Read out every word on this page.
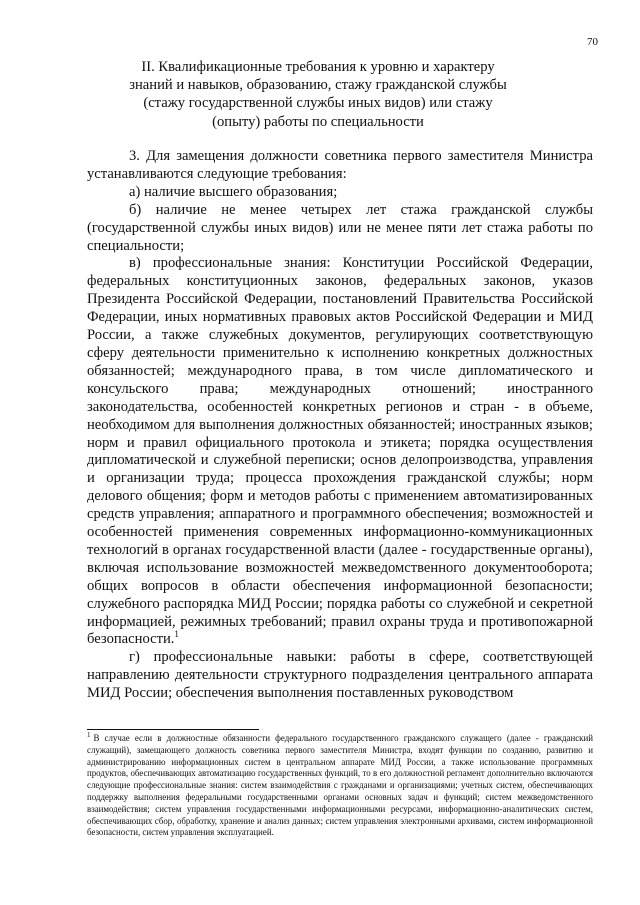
70
II. Квалификационные требования к уровню и характеру
знаний и навыков, образованию, стажу гражданской службы
(стажу государственной службы иных видов) или стажу
(опыту) работы по специальности

3. Для замещения должности советника первого заместителя Министра устанавливаются следующие требования:

а) наличие высшего образования;

б) наличие не менее четырех лет стажа гражданской службы (государственной службы иных видов) или не менее пяти лет стажа работы по специальности;

в) профессиональные знания: Конституции Российской Федерации, федеральных конституционных законов, федеральных законов, указов Президента Российской Федерации, постановлений Правительства Российской Федерации, иных нормативных правовых актов Российской Федерации и МИД России, а также служебных документов, регулирующих соответствующую сферу деятельности применительно к исполнению конкретных должностных обязанностей; международного права, в том числе дипломатического и консульского права; международных отношений; иностранного законодательства, особенностей конкретных регионов и стран - в объеме, необходимом для выполнения должностных обязанностей; иностранных языков; норм и правил официального протокола и этикета; порядка осуществления дипломатической и служебной переписки; основ делопроизводства, управления и организации труда; процесса прохождения гражданской службы; норм делового общения; форм и методов работы с применением автоматизированных средств управления; аппаратного и программного обеспечения; возможностей и особенностей применения современных информационно-коммуникационных технологий в органах государственной власти (далее - государственные органы), включая использование возможностей межведомственного документооборота; общих вопросов в области обеспечения информационной безопасности; служебного распорядка МИД России; порядка работы со служебной и секретной информацией, режимных требований; правил охраны труда и противопожарной безопасности.$^1$

г) профессиональные навыки: работы в сфере, соответствующей направлению деятельности структурного подразделения центрального аппарата МИД России; обеспечения выполнения поставленных руководством

$^1$ В случае если в должностные обязанности федерального государственного гражданского служащего (далее - гражданский служащий), замещающего должность советника первого заместителя Министра, входят функции по созданию, развитию и администрированию информационных систем в центральном аппарате МИД России, а также использование программных продуктов, обеспечивающих автоматизацию государственных функций, то в его должностной регламент дополнительно включаются следующие профессиональные знания: систем взаимодействия с гражданами и организациями; учетных систем, обеспечивающих поддержку выполнения федеральными государственными органами основных задач и функций; систем межведомственного взаимодействия; систем управления государственными информационными ресурсами, информационно-аналитических систем, обеспечивающих сбор, обработку, хранение и анализ данных; систем управления электронными архивами, систем информационной безопасности, систем управления эксплуатацией.
